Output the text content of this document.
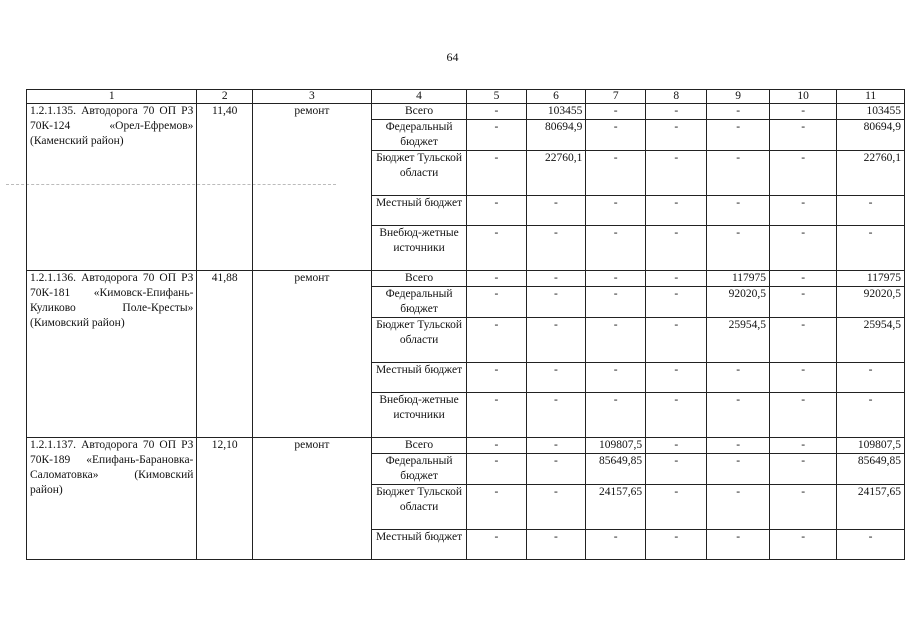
64
1	2	3	4	5	6	7	8	9	10	11
1.2.1.135. Автодорога 70 ОП РЗ 70К-124 «Орел-Ефремов» (Каменский район)	11,40	ремонт	Всего	-	103455	-	-	-	-	103455
			Федеральный бюджет	-	80694,9	-	-	-	-	80694,9
			Бюджет Тульской области	-	22760,1	-	-	-	-	22760,1
			Местный бюджет	-	-	-	-	-	-	-
			Внебюд-жетные источники	-	-	-	-	-	-	-
1.2.1.136. Автодорога 70 ОП РЗ 70К-181 «Кимовск-Епифань-Куликово Поле-Кресты» (Кимовский район)	41,88	ремонт	Всего	-	-	-	-	117975	-	117975
			Федеральный бюджет	-	-	-	-	92020,5	-	92020,5
			Бюджет Тульской области	-	-	-	-	25954,5	-	25954,5
			Местный бюджет	-	-	-	-	-	-	-
			Внебюд-жетные источники	-	-	-	-	-	-	-
1.2.1.137. Автодорога 70 ОП РЗ 70К-189 «Епифань-Барановка-Саломатовка» (Кимовский район)	12,10	ремонт	Всего	-	-	109807,5	-	-	-	109807,5
			Федеральный бюджет	-	-	85649,85	-	-	-	85649,85
			Бюджет Тульской области	-	-	24157,65	-	-	-	24157,65
			Местный бюджет	-	-	-	-	-	-	-
